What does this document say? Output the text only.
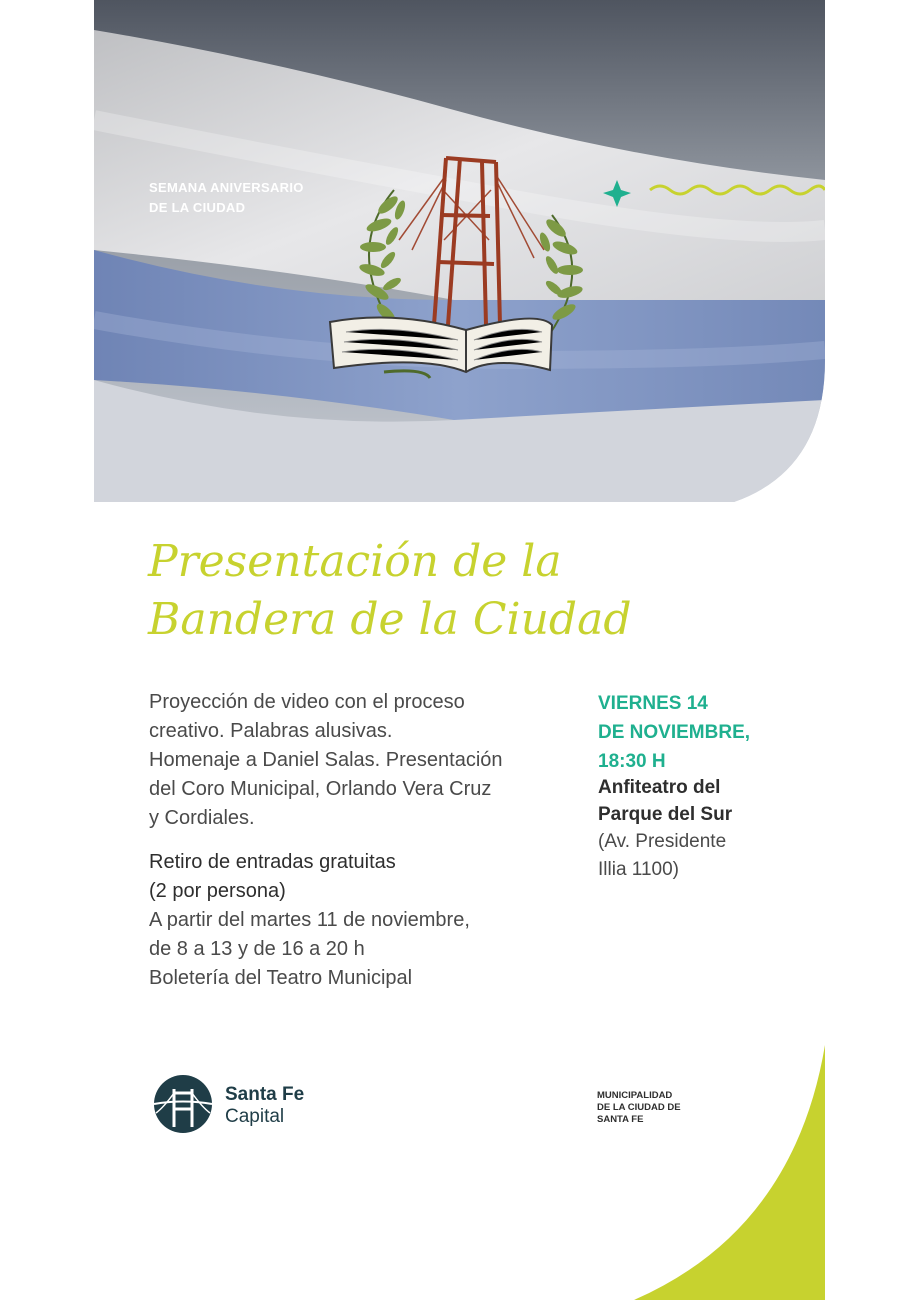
SEMANA ANIVERSARIO
DE LA CIUDAD
Presentación de la
Bandera de la Ciudad
Proyección de video con el proceso
creativo. Palabras alusivas.
Homenaje a Daniel Salas. Presentación
del Coro Municipal, Orlando Vera Cruz
y Cordiales.
Retiro de entradas gratuitas
(2 por persona)
A partir del martes 11 de noviembre,
de 8 a 13 y de 16 a 20 h
Boletería del Teatro Municipal
VIERNES 14
DE NOVIEMBRE,
18:30 H
Anfiteatro del
Parque del Sur
(Av. Presidente
Illia 1100)
Santa Fe
Capital
MUNICIPALIDAD
DE LA CIUDAD DE
SANTA FE
